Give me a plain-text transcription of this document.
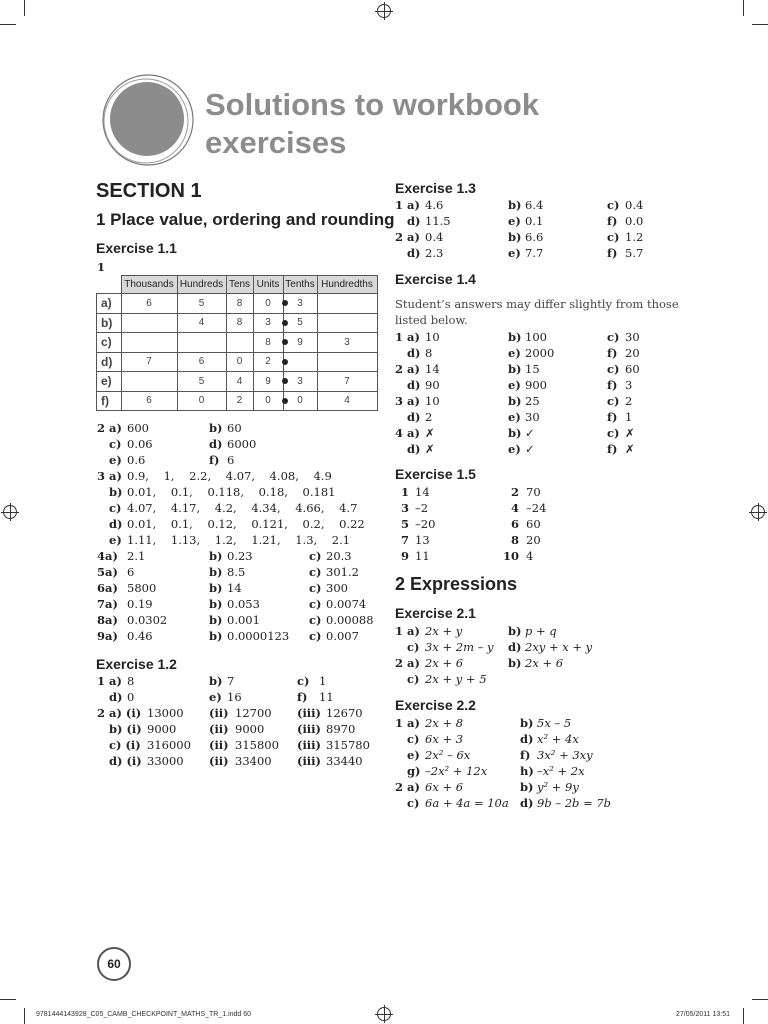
Solutions to workbook
exercises
SECTION 1
1 Place value, ordering and rounding
Exercise 1.1
1
	Thousands	Hundreds	Tens	Units	Tenths	Hundredths
a)	6	5	8	0	3	
b)		4	8	3	5	
c)				8	9	3
d)	7	6	0	2		
e)		5	4	9	3	7
f)	6	0	2	0	0	4
2 a) 600	b) 60
c) 0.06	d) 6000
e) 0.6	f) 6
3 a) 0.9,    1,    2.2,    4.07,    4.08,    4.9
b) 0.01,    0.1,    0.118,    0.18,    0.181
c) 4.07,    4.17,    4.2,    4.34,    4.66,    4.7
d) 0.01,    0.1,    0.12,    0.121,    0.2,    0.22
e) 1.11,    1.13,    1.2,    1.21,    1.3,    2.1
4 a) 2.1	b) 0.23	c) 20.3
5 a) 6	b) 8.5	c) 301.2
6 a) 5800	b) 14	c) 300
7 a) 0.19	b) 0.053	c) 0.0074
8 a) 0.0302	b) 0.001	c) 0.00088
9 a) 0.46	b) 0.0000123 c) 0.007
Exercise 1.2
1 a) 8	b) 7	c) 1
d) 0	e) 16	f) 11
2 a) (i) 13000 (ii) 12700 (iii) 12670
b) (i) 9000	(ii) 9000	(iii) 8970
c) (i) 316000 (ii) 315800 (iii) 315780
d) (i) 33000 (ii) 33400 (iii) 33440
Exercise 1.3
1 a) 4.6	b) 6.4	c) 0.4
d) 11.5	e) 0.1	f) 0.0
2 a) 0.4	b) 6.6	c) 1.2
d) 2.3	e) 7.7	f) 5.7
Exercise 1.4
Student’s answers may differ slightly from those
listed below.
1 a) 10	b) 100	c) 30
d) 8	e) 2000	f) 20
2 a) 14	b) 15	c) 60
d) 90	e) 900	f) 3
3 a) 10	b) 25	c) 2
d) 2	e) 30	f) 1
4 a) ✗	b) ✓	c) ✗
d) ✗	e) ✓	f) ✗
Exercise 1.5
1 14	2 70
3 –2	4 –24
5 –20	6 60
7 13	8 20
9 11	10 4
2 Expressions
Exercise 2.1
1 a) 2x + y	b) p + q
c) 3x + 2m – y d) 2xy + x + y
2 a) 2x + 6	b) 2x + 6
c) 2x + y + 5
Exercise 2.2
1 a) 2x + 8	b) 5x – 5
c) 6x + 3	d) x² + 4x
e) 2x² – 6x	f) 3x² + 3xy
g) –2x² + 12x	h) –x² + 2x
2 a) 6x + 6	b) y² + 9y
c) 6a + 4a = 10a d) 9b – 2b = 7b
60
9781444143928_C05_CAMB_CHECKPOINT_MATHS_TR_1.indd 60	27/05/2011 13:51
